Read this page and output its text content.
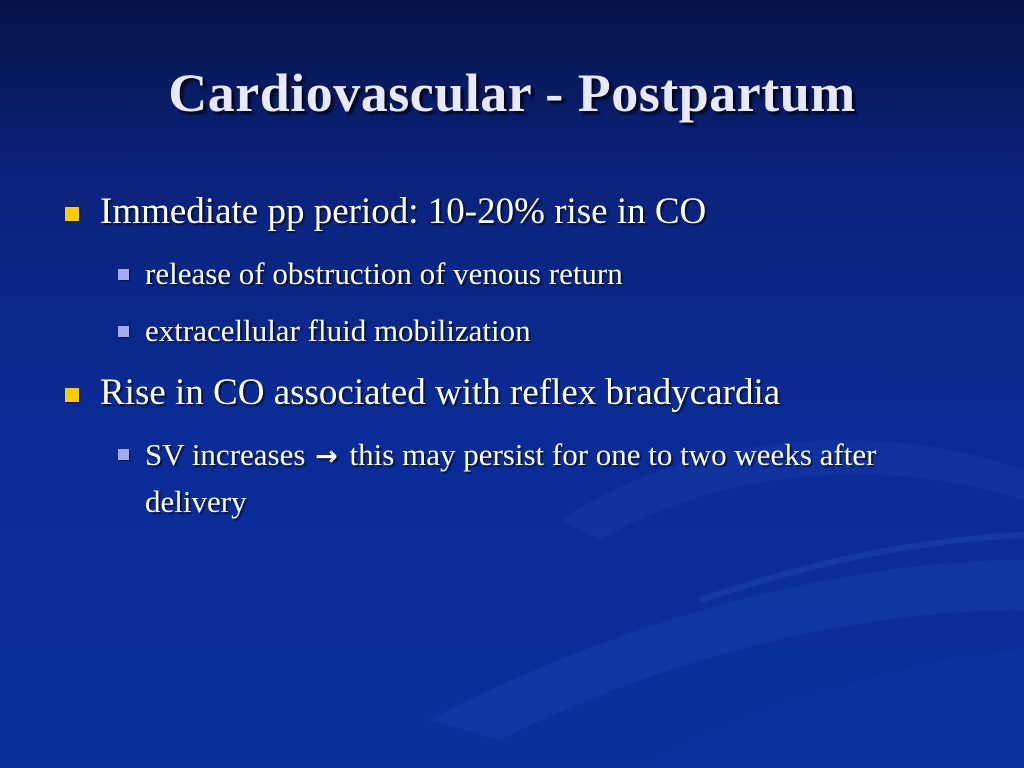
Cardiovascular - Postpartum
Immediate pp period: 10-20% rise in CO
release of obstruction of venous return
extracellular fluid mobilization
Rise in CO associated with reflex bradycardia
SV increases → this may persist for one to two weeks after delivery
